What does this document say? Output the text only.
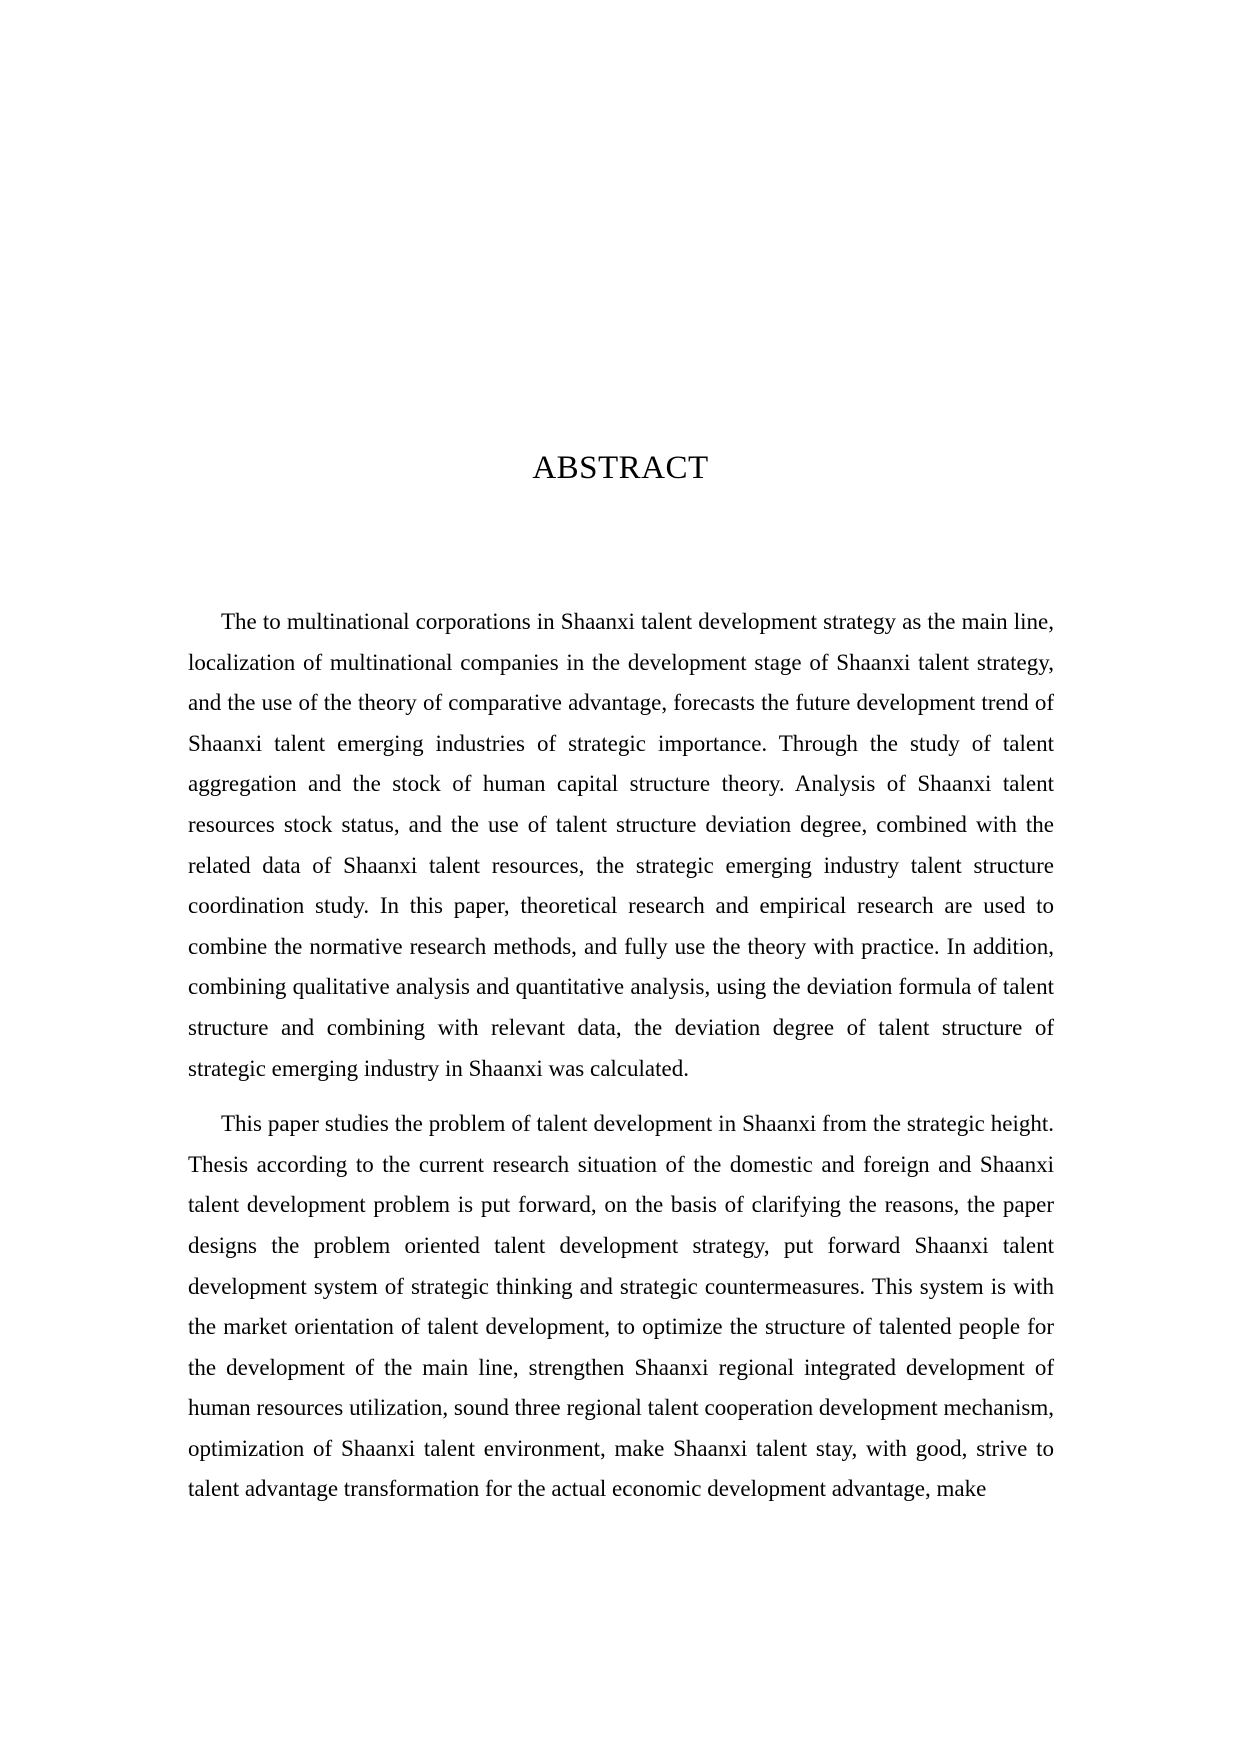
ABSTRACT

The to multinational corporations in Shaanxi talent development strategy as the main line, localization of multinational companies in the development stage of Shaanxi talent strategy, and the use of the theory of comparative advantage, forecasts the future development trend of Shaanxi talent emerging industries of strategic importance. Through the study of talent aggregation and the stock of human capital structure theory. Analysis of Shaanxi talent resources stock status, and the use of talent structure deviation degree, combined with the related data of Shaanxi talent resources, the strategic emerging industry talent structure coordination study. In this paper, theoretical research and empirical research are used to combine the normative research methods, and fully use the theory with practice. In addition, combining qualitative analysis and quantitative analysis, using the deviation formula of talent structure and combining with relevant data, the deviation degree of talent structure of strategic emerging industry in Shaanxi was calculated.

This paper studies the problem of talent development in Shaanxi from the strategic height. Thesis according to the current research situation of the domestic and foreign and Shaanxi talent development problem is put forward, on the basis of clarifying the reasons, the paper designs the problem oriented talent development strategy, put forward Shaanxi talent development system of strategic thinking and strategic countermeasures. This system is with the market orientation of talent development, to optimize the structure of talented people for the development of the main line, strengthen Shaanxi regional integrated development of human resources utilization, sound three regional talent cooperation development mechanism, optimization of Shaanxi talent environment, make Shaanxi talent stay, with good, strive to talent advantage transformation for the actual economic development advantage, make
